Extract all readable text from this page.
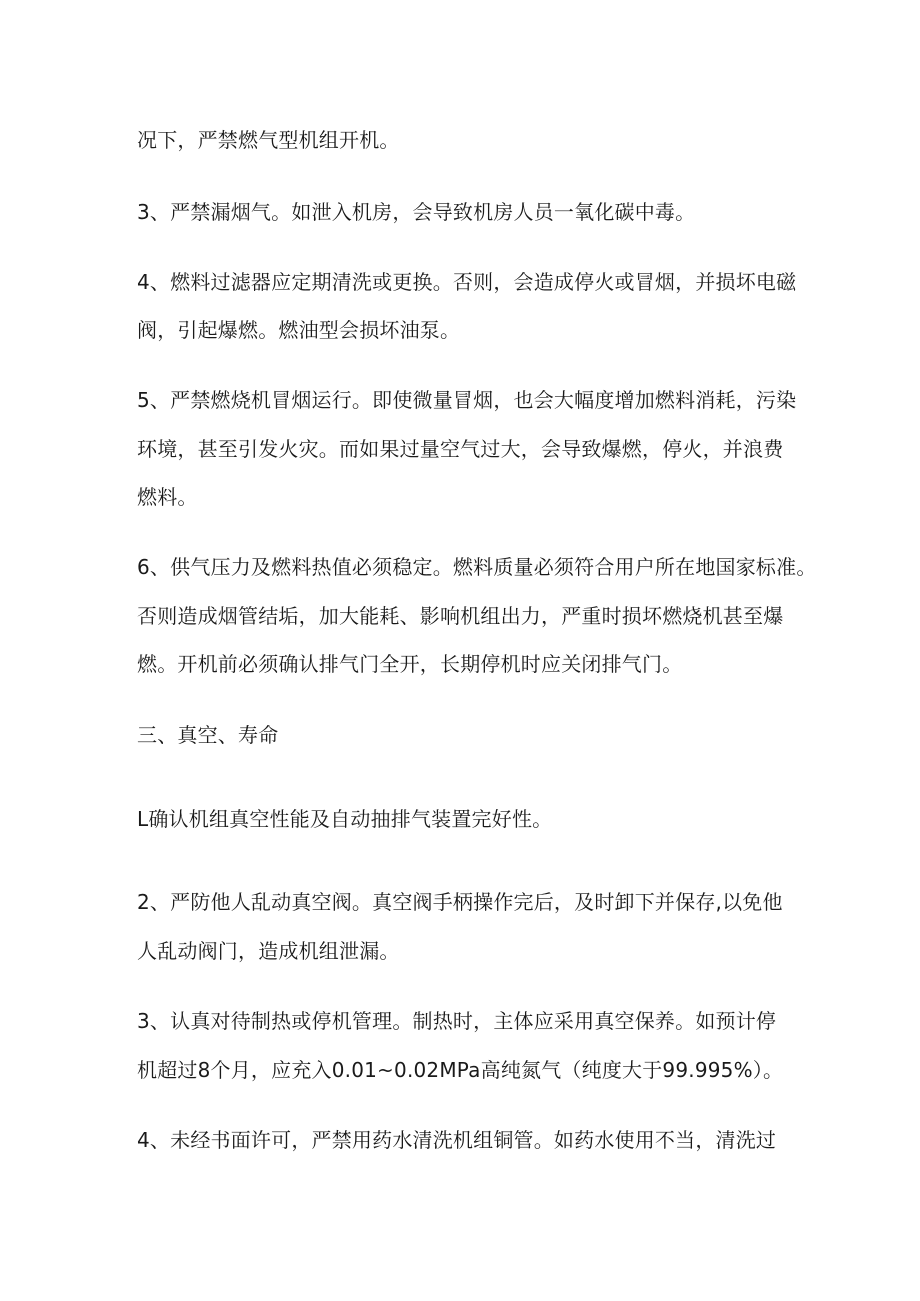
况下，严禁燃气型机组开机。
3、严禁漏烟气。如泄入机房，会导致机房人员一氧化碳中毒。
4、燃料过滤器应定期清洗或更换。否则，会造成停火或冒烟，并损坏电磁
阀，引起爆燃。燃油型会损坏油泵。
5、严禁燃烧机冒烟运行。即使微量冒烟，也会大幅度增加燃料消耗，污染
环境，甚至引发火灾。而如果过量空气过大，会导致爆燃，停火，并浪费
燃料。
6、供气压力及燃料热值必须稳定。燃料质量必须符合用户所在地国家标准。
否则造成烟管结垢，加大能耗、影响机组出力，严重时损坏燃烧机甚至爆
燃。开机前必须确认排气门全开，长期停机时应关闭排气门。
三、真空、寿命
L确认机组真空性能及自动抽排气装置完好性。
2、严防他人乱动真空阀。真空阀手柄操作完后，及时卸下并保存,以免他
人乱动阀门，造成机组泄漏。
3、认真对待制热或停机管理。制热时，主体应采用真空保养。如预计停
机超过8个月，应充入0.01~0.02MPa高纯氮气（纯度大于99.995%）。
4、未经书面许可，严禁用药水清洗机组铜管。如药水使用不当，清洗过
